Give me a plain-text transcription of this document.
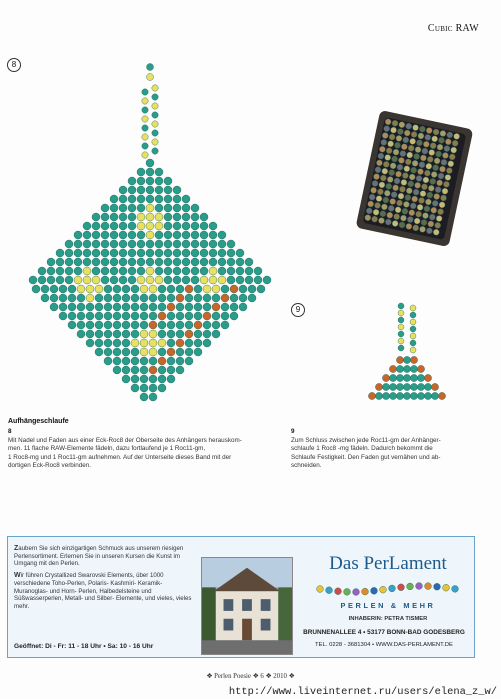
Cubic RAW
8
9
Aufhängeschlaufe
8
Mit Nadel und Faden aus einer Eck-Roc8 der Oberseite des Anhängers herauskom-
men. 11 flache RAW-Elemente fädeln, dazu fortlaufend je 1 Roc11-gm,
1 Roc8-mg und 1 Roc11-gm aufnehmen. Auf der Unterseite dieses Band mit der
dortigen Eck-Roc8 verbinden.
9
Zum Schluss zwischen jede Roc11-gm der Anhänger-
schlaufe 1 Roc8 -mg fädeln. Dadurch bekommt die
Schlaufe Festigkeit. Den Faden gut vernähen und ab-
schneiden.

Zaubern Sie sich einzigartigen Schmuck aus unserem riesigen Perlensortiment. Erlernen Sie in unseren Kursen die Kunst im Umgang mit den Perlen.

Wir führen Crystallized Swarovski Elements, über 1000 verschiedene Toho-Perlen, Polaris- Kashmiri- Keramik- Muranoglas- und Horn- Perlen, Halbedelsteine und Süßwasserperlen, Metall- und Silber- Elemente, und vieles, vieles mehr.

Geöffnet: Di - Fr: 11 - 18 Uhr • Sa: 10 - 16 Uhr
Das PerLament
PERLEN & MEHR
INHABERIN: PETRA TISMER
BRUNNENALLEE 4 • 53177 BONN-BAD GODESBERG
TEL. 0228 - 3681304 • WWW.DAS-PERLAMENT.DE
❖ Perlen Poesie ❖ 6 ❖ 2010 ❖
http://www.liveinternet.ru/users/elena_z_w/
